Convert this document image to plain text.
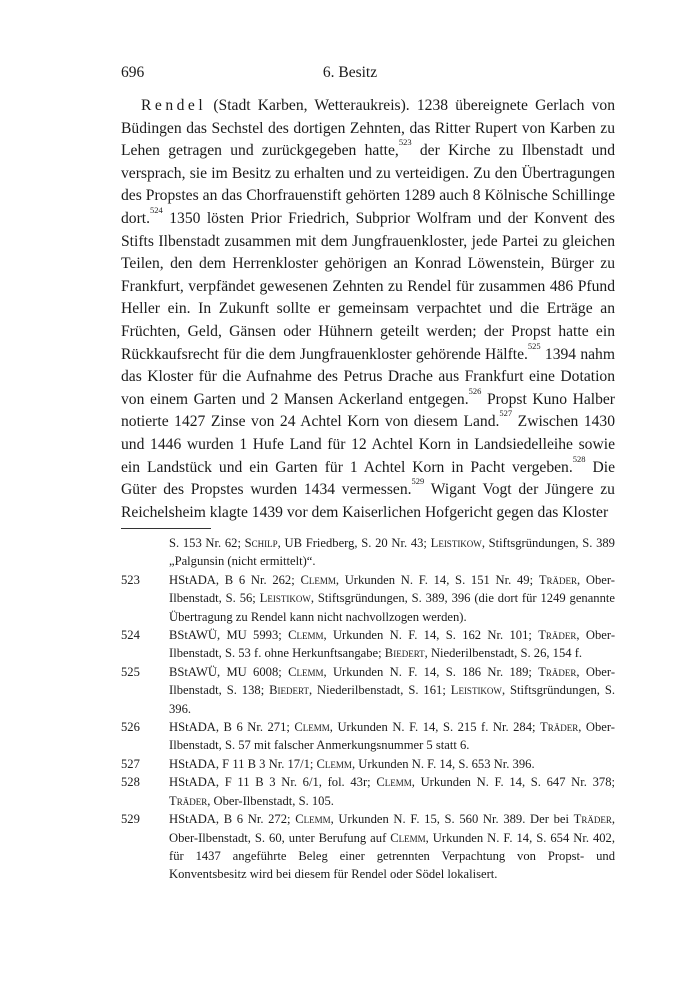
696	6. Besitz

Rendel (Stadt Karben, Wetteraukreis). 1238 übereignete Gerlach von Büdingen das Sechstel des dortigen Zehnten, das Ritter Rupert von Karben zu Lehen getragen und zurückgegeben hatte,$^{523}$ der Kirche zu Ilbenstadt und versprach, sie im Besitz zu erhalten und zu verteidigen. Zu den Übertragungen des Propstes an das Chorfrauenstift gehörten 1289 auch 8 Kölnische Schillinge dort.$^{524}$ 1350 lösten Prior Friedrich, Subprior Wolfram und der Konvent des Stifts Ilbenstadt zusammen mit dem Jungfrauenkloster, jede Partei zu gleichen Teilen, den dem Herrenkloster gehörigen an Konrad Löwenstein, Bürger zu Frankfurt, verpfändet gewesenen Zehnten zu Rendel für zusammen 486 Pfund Heller ein. In Zukunft sollte er gemeinsam verpachtet und die Erträge an Früchten, Geld, Gänsen oder Hühnern geteilt werden; der Propst hatte ein Rückkaufsrecht für die dem Jungfrauenkloster gehörende Hälfte.$^{525}$ 1394 nahm das Kloster für die Aufnahme des Petrus Drache aus Frankfurt eine Dotation von einem Garten und 2 Mansen Ackerland entgegen.$^{526}$ Propst Kuno Halber notierte 1427 Zinse von 24 Achtel Korn von diesem Land.$^{527}$ Zwischen 1430 und 1446 wurden 1 Hufe Land für 12 Achtel Korn in Landsiedelleihe sowie ein Landstück und ein Garten für 1 Achtel Korn in Pacht vergeben.$^{528}$ Die Güter des Propstes wurden 1434 vermessen.$^{529}$ Wigant Vogt der Jüngere zu Reichelsheim klagte 1439 vor dem Kaiserlichen Hofgericht gegen das Kloster

S. 153 Nr. 62; Schilp, UB Friedberg, S. 20 Nr. 43; Leistikow, Stiftsgründungen, S. 389 „Palgunsin (nicht ermittelt)“.
523 HStADA, B 6 Nr. 262; Clemm, Urkunden N. F. 14, S. 151 Nr. 49; Träder, Ober-Ilbenstadt, S. 56; Leistikow, Stiftsgründungen, S. 389, 396 (die dort für 1249 genannte Übertragung zu Rendel kann nicht nachvollzogen werden).
524 BStAWÜ, MU 5993; Clemm, Urkunden N. F. 14, S. 162 Nr. 101; Träder, Ober-Ilbenstadt, S. 53 f. ohne Herkunftsangabe; Biedert, Niederilbenstadt, S. 26, 154 f.
525 BStAWÜ, MU 6008; Clemm, Urkunden N. F. 14, S. 186 Nr. 189; Träder, Ober-Ilbenstadt, S. 138; Biedert, Niederilbenstadt, S. 161; Leistikow, Stiftsgründungen, S. 396.
526 HStADA, B 6 Nr. 271; Clemm, Urkunden N. F. 14, S. 215 f. Nr. 284; Träder, Ober-Ilbenstadt, S. 57 mit falscher Anmerkungsnummer 5 statt 6.
527 HStADA, F 11 B 3 Nr. 17/1; Clemm, Urkunden N. F. 14, S. 653 Nr. 396.
528 HStADA, F 11 B 3 Nr. 6/1, fol. 43r; Clemm, Urkunden N. F. 14, S. 647 Nr. 378; Träder, Ober-Ilbenstadt, S. 105.
529 HStADA, B 6 Nr. 272; Clemm, Urkunden N. F. 15, S. 560 Nr. 389. Der bei Träder, Ober-Ilbenstadt, S. 60, unter Berufung auf Clemm, Urkunden N. F. 14, S. 654 Nr. 402, für 1437 angeführte Beleg einer getrennten Verpachtung von Propst- und Konventsbesitz wird bei diesem für Rendel oder Södel lokalisert.
